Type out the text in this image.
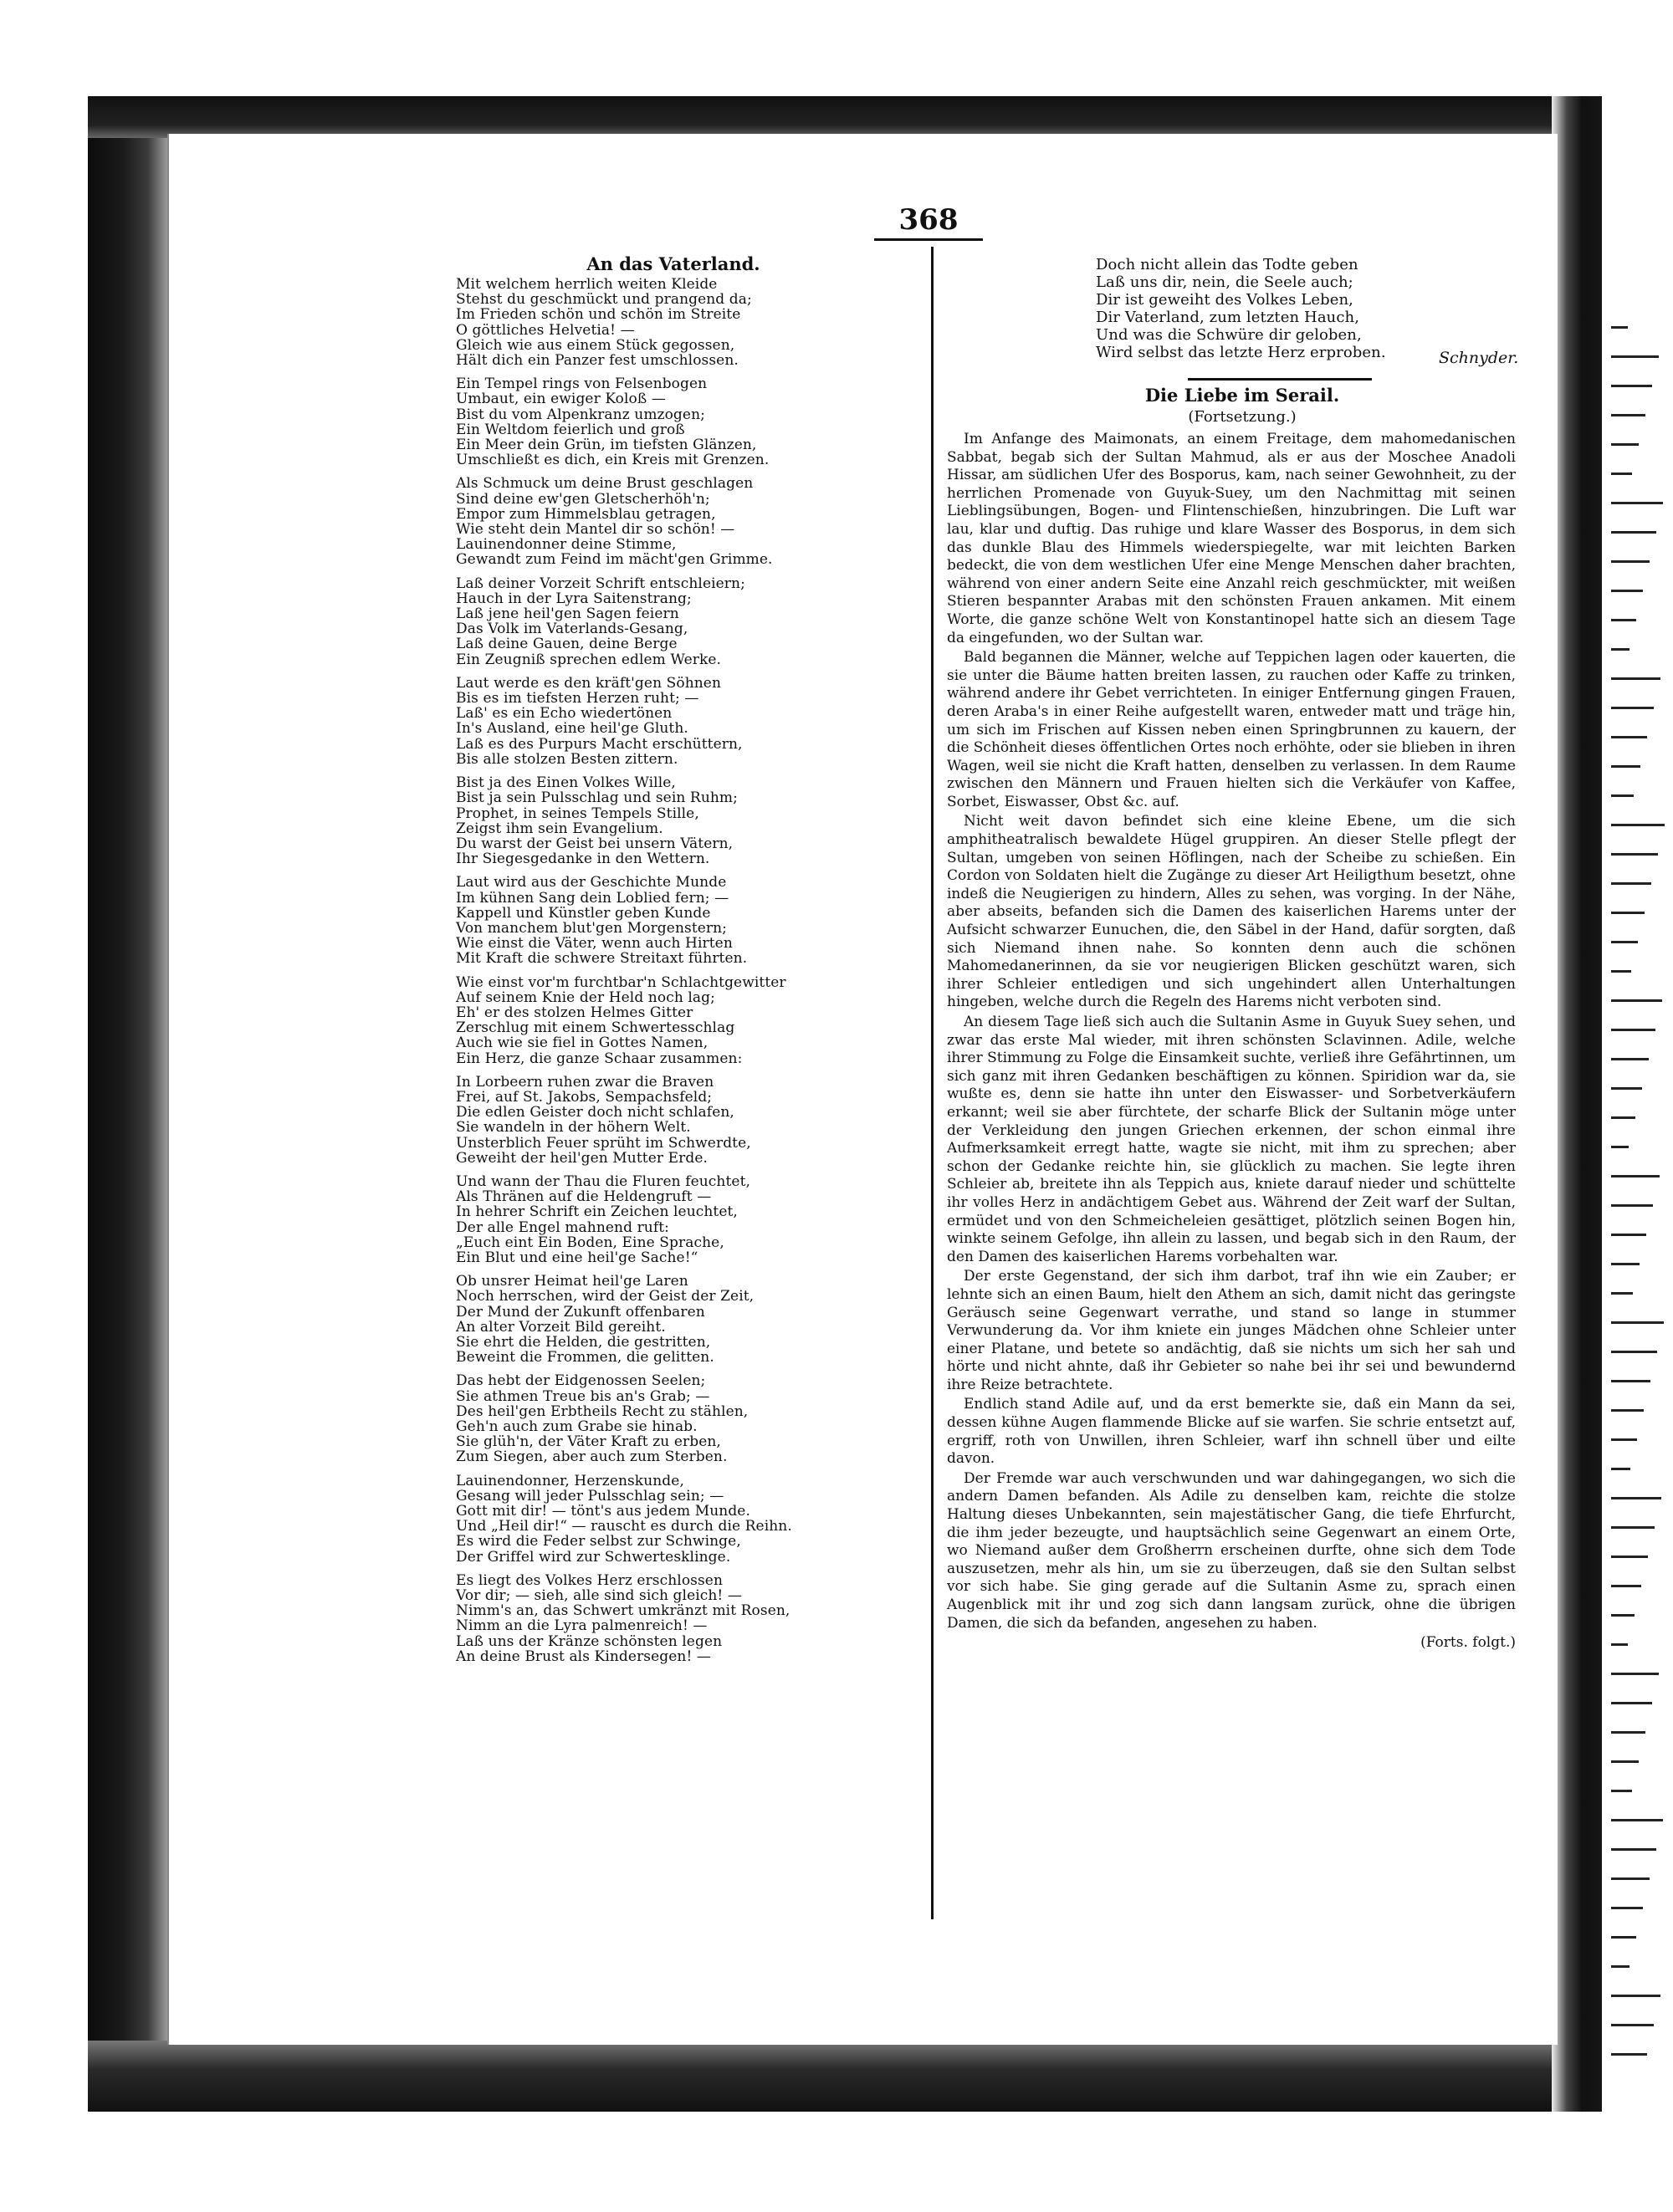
368
An das Vaterland.
Mit welchem herrlich weiten Kleide
Stehst du geschmückt und prangend da;
Im Frieden schön und schön im Streite
O göttliches Helvetia! —
Gleich wie aus einem Stück gegossen,
Hält dich ein Panzer fest umschlossen.
Ein Tempel rings von Felsenbogen
Umbaut, ein ewiger Koloß —
Bist du vom Alpenkranz umzogen;
Ein Weltdom feierlich und groß
Ein Meer dein Grün, im tiefsten Glänzen,
Umschließt es dich, ein Kreis mit Grenzen.
Als Schmuck um deine Brust geschlagen
Sind deine ew'gen Gletscherhöh'n;
Empor zum Himmelsblau getragen,
Wie steht dein Mantel dir so schön! —
Lauinendonner deine Stimme,
Gewandt zum Feind im mächt'gen Grimme.
Laß deiner Vorzeit Schrift entschleiern;
Hauch in der Lyra Saitenstrang;
Laß jene heil'gen Sagen feiern
Das Volk im Vaterlands-Gesang,
Laß deine Gauen, deine Berge
Ein Zeugniß sprechen edlem Werke.
Laut werde es den kräft'gen Söhnen
Bis es im tiefsten Herzen ruht; —
Laß' es ein Echo wiedertönen
In's Ausland, eine heil'ge Gluth.
Laß es des Purpurs Macht erschüttern,
Bis alle stolzen Besten zittern.
Bist ja des Einen Volkes Wille,
Bist ja sein Pulsschlag und sein Ruhm;
Prophet, in seines Tempels Stille,
Zeigst ihm sein Evangelium.
Du warst der Geist bei unsern Vätern,
Ihr Siegesgedanke in den Wettern.
Laut wird aus der Geschichte Munde
Im kühnen Sang dein Loblied fern; —
Kappell und Künstler geben Kunde
Von manchem blut'gen Morgenstern;
Wie einst die Väter, wenn auch Hirten
Mit Kraft die schwere Streitaxt führten.
Wie einst vor'm furchtbar'n Schlachtgewitter
Auf seinem Knie der Held noch lag;
Eh' er des stolzen Helmes Gitter
Zerschlug mit einem Schwertesschlag
Auch wie sie fiel in Gottes Namen,
Ein Herz, die ganze Schaar zusammen:
In Lorbeern ruhen zwar die Braven
Frei, auf St. Jakobs, Sempachsfeld;
Die edlen Geister doch nicht schlafen,
Sie wandeln in der höhern Welt.
Unsterblich Feuer sprüht im Schwerdte,
Geweiht der heil'gen Mutter Erde.
Und wann der Thau die Fluren feuchtet,
Als Thränen auf die Heldengruft —
In hehrer Schrift ein Zeichen leuchtet,
Der alle Engel mahnend ruft:
„Euch eint Ein Boden, Eine Sprache,
Ein Blut und eine heil'ge Sache!“
Ob unsrer Heimat heil'ge Laren
Noch herrschen, wird der Geist der Zeit,
Der Mund der Zukunft offenbaren
An alter Vorzeit Bild gereiht.
Sie ehrt die Helden, die gestritten,
Beweint die Frommen, die gelitten.
Das hebt der Eidgenossen Seelen;
Sie athmen Treue bis an's Grab; —
Des heil'gen Erbtheils Recht zu stählen,
Geh'n auch zum Grabe sie hinab.
Sie glüh'n, der Väter Kraft zu erben,
Zum Siegen, aber auch zum Sterben.
Lauinendonner, Herzenskunde,
Gesang will jeder Pulsschlag sein; —
Gott mit dir! — tönt's aus jedem Munde.
Und „Heil dir!“ — rauscht es durch die Reihn.
Es wird die Feder selbst zur Schwinge,
Der Griffel wird zur Schwertesklinge.
Es liegt des Volkes Herz erschlossen
Vor dir; — sieh, alle sind sich gleich! —
Nimm's an, das Schwert umkränzt mit Rosen,
Nimm an die Lyra palmenreich! —
Laß uns der Kränze schönsten legen
An deine Brust als Kindersegen! —
Doch nicht allein das Todte geben
Laß uns dir, nein, die Seele auch;
Dir ist geweiht des Volkes Leben,
Dir Vaterland, zum letzten Hauch,
Und was die Schwüre dir geloben,
Wird selbst das letzte Herz erproben.	Schnyder.
Die Liebe im Serail.
(Fortsetzung.)

Im Anfange des Maimonats, an einem Freitage, dem mahomedanischen Sabbat, begab sich der Sultan Mahmud, als er aus der Moschee Anadoli Hissar, am südlichen Ufer des Bosporus, kam, nach seiner Gewohnheit, zu der herrlichen Promenade von Guyuk-Suey, um den Nachmittag mit seinen Lieblingsübungen, Bogen- und Flintenschießen, hinzubringen. Die Luft war lau, klar und duftig. Das ruhige und klare Wasser des Bosporus, in dem sich das dunkle Blau des Himmels wiederspiegelte, war mit leichten Barken bedeckt, die von dem westlichen Ufer eine Menge Menschen daher brachten, während von einer andern Seite eine Anzahl reich geschmückter, mit weißen Stieren bespannter Arabas mit den schönsten Frauen ankamen. Mit einem Worte, die ganze schöne Welt von Konstantinopel hatte sich an diesem Tage da eingefunden, wo der Sultan war.

Bald begannen die Männer, welche auf Teppichen lagen oder kauerten, die sie unter die Bäume hatten breiten lassen, zu rauchen oder Kaffe zu trinken, während andere ihr Gebet verrichteten. In einiger Entfernung gingen Frauen, deren Araba's in einer Reihe aufgestellt waren, entweder matt und träge hin, um sich im Frischen auf Kissen neben einen Springbrunnen zu kauern, der die Schönheit dieses öffentlichen Ortes noch erhöhte, oder sie blieben in ihren Wagen, weil sie nicht die Kraft hatten, denselben zu verlassen. In dem Raume zwischen den Männern und Frauen hielten sich die Verkäufer von Kaffee, Sorbet, Eiswasser, Obst &c. auf.

Nicht weit davon befindet sich eine kleine Ebene, um die sich amphitheatralisch bewaldete Hügel gruppiren. An dieser Stelle pflegt der Sultan, umgeben von seinen Höflingen, nach der Scheibe zu schießen. Ein Cordon von Soldaten hielt die Zugänge zu dieser Art Heiligthum besetzt, ohne indeß die Neugierigen zu hindern, Alles zu sehen, was vorging. In der Nähe, aber abseits, befanden sich die Damen des kaiserlichen Harems unter der Aufsicht schwarzer Eunuchen, die, den Säbel in der Hand, dafür sorgten, daß sich Niemand ihnen nahe. So konnten denn auch die schönen Mahomedanerinnen, da sie vor neugierigen Blicken geschützt waren, sich ihrer Schleier entledigen und sich ungehindert allen Unterhaltungen hingeben, welche durch die Regeln des Harems nicht verboten sind.

An diesem Tage ließ sich auch die Sultanin Asme in Guyuk Suey sehen, und zwar das erste Mal wieder, mit ihren schönsten Sclavinnen. Adile, welche ihrer Stimmung zu Folge die Einsamkeit suchte, verließ ihre Gefährtinnen, um sich ganz mit ihren Gedanken beschäftigen zu können. Spiridion war da, sie wußte es, denn sie hatte ihn unter den Eiswasser- und Sorbetverkäufern erkannt; weil sie aber fürchtete, der scharfe Blick der Sultanin möge unter der Verkleidung den jungen Griechen erkennen, der schon einmal ihre Aufmerksamkeit erregt hatte, wagte sie nicht, mit ihm zu sprechen; aber schon der Gedanke reichte hin, sie glücklich zu machen. Sie legte ihren Schleier ab, breitete ihn als Teppich aus, kniete darauf nieder und schüttelte ihr volles Herz in andächtigem Gebet aus. Während der Zeit warf der Sultan, ermüdet und von den Schmeicheleien gesättiget, plötzlich seinen Bogen hin, winkte seinem Gefolge, ihn allein zu lassen, und begab sich in den Raum, der den Damen des kaiserlichen Harems vorbehalten war.

Der erste Gegenstand, der sich ihm darbot, traf ihn wie ein Zauber; er lehnte sich an einen Baum, hielt den Athem an sich, damit nicht das geringste Geräusch seine Gegenwart verrathe, und stand so lange in stummer Verwunderung da. Vor ihm kniete ein junges Mädchen ohne Schleier unter einer Platane, und betete so andächtig, daß sie nichts um sich her sah und hörte und nicht ahnte, daß ihr Gebieter so nahe bei ihr sei und bewundernd ihre Reize betrachtete.

Endlich stand Adile auf, und da erst bemerkte sie, daß ein Mann da sei, dessen kühne Augen flammende Blicke auf sie warfen. Sie schrie entsetzt auf, ergriff, roth von Unwillen, ihren Schleier, warf ihn schnell über und eilte davon.

Der Fremde war auch verschwunden und war dahingegangen, wo sich die andern Damen befanden. Als Adile zu denselben kam, reichte die stolze Haltung dieses Unbekannten, sein majestätischer Gang, die tiefe Ehrfurcht, die ihm jeder bezeugte, und hauptsächlich seine Gegenwart an einem Orte, wo Niemand außer dem Großherrn erscheinen durfte, ohne sich dem Tode auszusetzen, mehr als hin, um sie zu überzeugen, daß sie den Sultan selbst vor sich habe. Sie ging gerade auf die Sultanin Asme zu, sprach einen Augenblick mit ihr und zog sich dann langsam zurück, ohne die übrigen Damen, die sich da befanden, angesehen zu haben.

(Forts. folgt.)
